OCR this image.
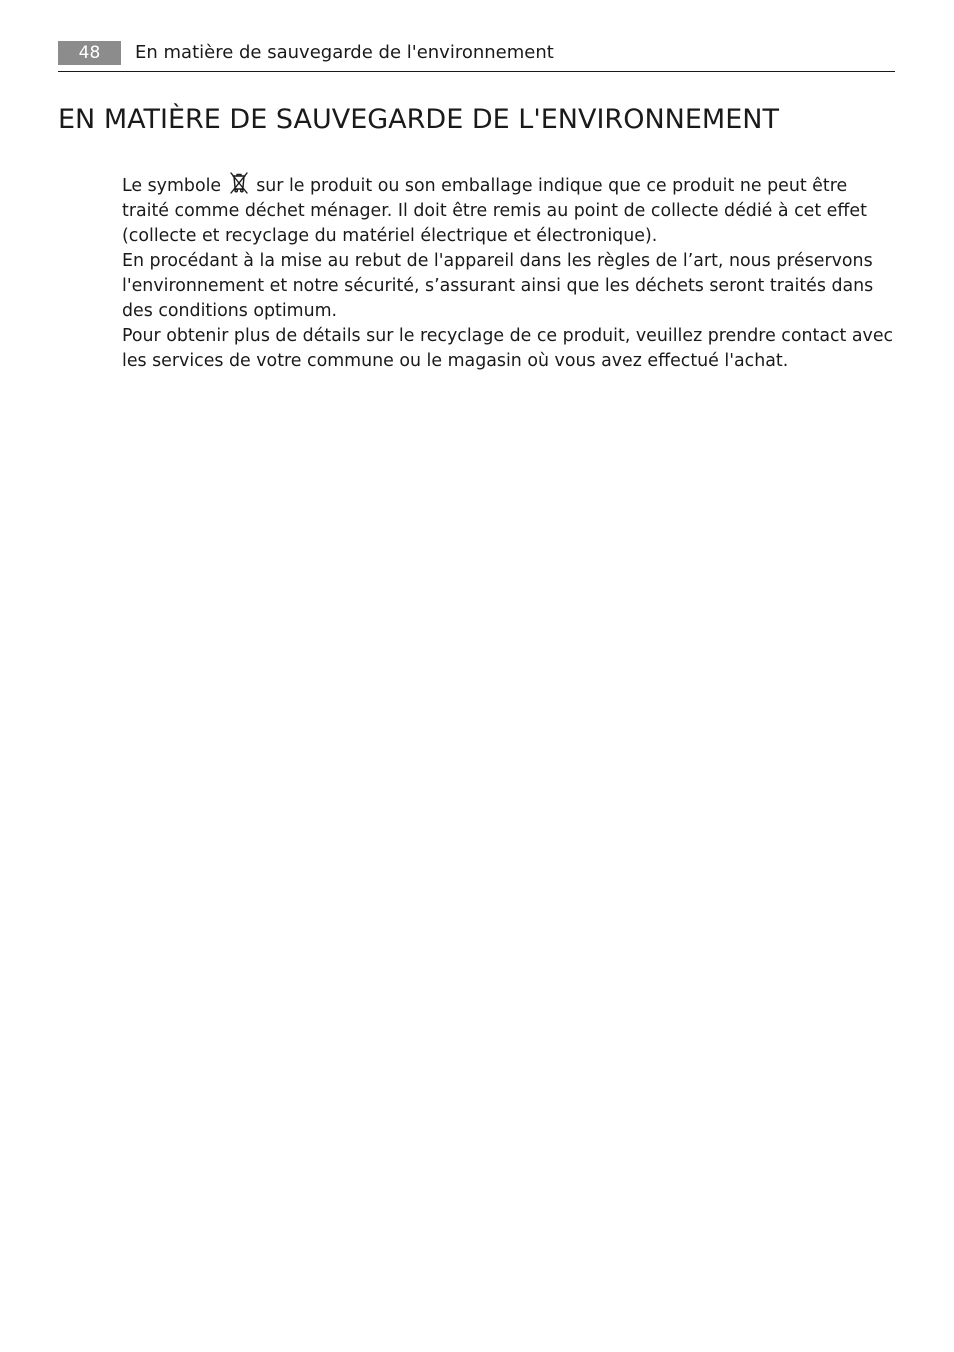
48	En matière de sauvegarde de l'environnement
EN MATIÈRE DE SAUVEGARDE DE L'ENVIRONNEMENT

Le symbole sur le produit ou son emballage indique que ce produit ne peut être traité comme déchet ménager. Il doit être remis au point de collecte dédié à cet effet (collecte et recyclage du matériel électrique et électronique).

En procédant à la mise au rebut de l'appareil dans les règles de l’art, nous préservons l'environnement et notre sécurité, s’assurant ainsi que les déchets seront traités dans des conditions optimum.

Pour obtenir plus de détails sur le recyclage de ce produit, veuillez prendre contact avec les services de votre commune ou le magasin où vous avez effectué l'achat.
